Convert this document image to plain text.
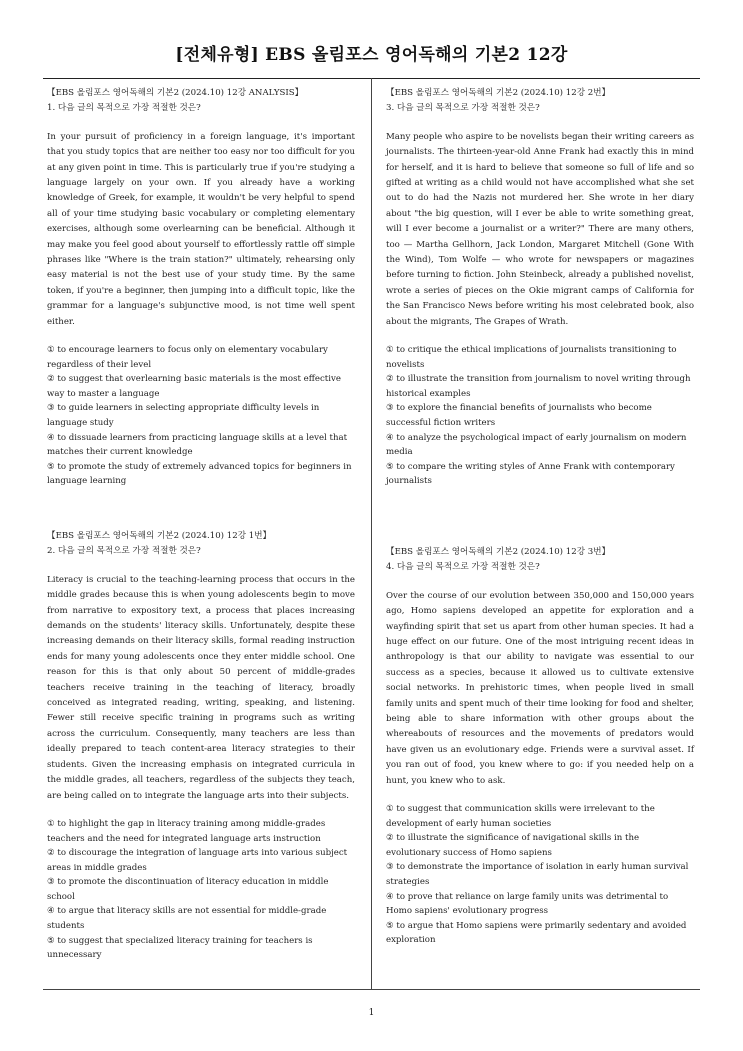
[전체유형] EBS 올림포스 영어독해의 기본2 12강
【EBS 올림포스 영어독해의 기본2 (2024.10) 12강 ANALYSIS】
1. 다음 글의 목적으로 가장 적절한 것은?
In your pursuit of proficiency in a foreign language, it's important that you study topics that are neither too easy nor too difficult for you at any given point in time. This is particularly true if you're studying a language largely on your own. If you already have a working knowledge of Greek, for example, it wouldn't be very helpful to spend all of your time studying basic vocabulary or completing elementary exercises, although some overlearning can be beneficial. Although it may make you feel good about yourself to effortlessly rattle off simple phrases like "Where is the train station?" ultimately, rehearsing only easy material is not the best use of your study time. By the same token, if you're a beginner, then jumping into a difficult topic, like the grammar for a language's subjunctive mood, is not time well spent either.
① to encourage learners to focus only on elementary vocabulary regardless of their level
② to suggest that overlearning basic materials is the most effective way to master a language
③ to guide learners in selecting appropriate difficulty levels in language study
④ to dissuade learners from practicing language skills at a level that matches their current knowledge
⑤ to promote the study of extremely advanced topics for beginners in language learning
【EBS 올림포스 영어독해의 기본2 (2024.10) 12강 1번】
2. 다음 글의 목적으로 가장 적절한 것은?
Literacy is crucial to the teaching-learning process that occurs in the middle grades because this is when young adolescents begin to move from narrative to expository text, a process that places increasing demands on the students' literacy skills. Unfortunately, despite these increasing demands on their literacy skills, formal reading instruction ends for many young adolescents once they enter middle school. One reason for this is that only about 50 percent of middle-grades teachers receive training in the teaching of literacy, broadly conceived as integrated reading, writing, speaking, and listening. Fewer still receive specific training in programs such as writing across the curriculum. Consequently, many teachers are less than ideally prepared to teach content-area literacy strategies to their students. Given the increasing emphasis on integrated curricula in the middle grades, all teachers, regardless of the subjects they teach, are being called on to integrate the language arts into their subjects.
① to highlight the gap in literacy training among middle-grades teachers and the need for integrated language arts instruction
② to discourage the integration of language arts into various subject areas in middle grades
③ to promote the discontinuation of literacy education in middle school
④ to argue that literacy skills are not essential for middle-grade students
⑤ to suggest that specialized literacy training for teachers is unnecessary
【EBS 올림포스 영어독해의 기본2 (2024.10) 12강 2번】
3. 다음 글의 목적으로 가장 적절한 것은?
Many people who aspire to be novelists began their writing careers as journalists. The thirteen-year-old Anne Frank had exactly this in mind for herself, and it is hard to believe that someone so full of life and so gifted at writing as a child would not have accomplished what she set out to do had the Nazis not murdered her. She wrote in her diary about "the big question, will I ever be able to write something great, will I ever become a journalist or a writer?" There are many others, too — Martha Gellhorn, Jack London, Margaret Mitchell (Gone With the Wind), Tom Wolfe — who wrote for newspapers or magazines before turning to fiction. John Steinbeck, already a published novelist, wrote a series of pieces on the Okie migrant camps of California for the San Francisco News before writing his most celebrated book, also about the migrants, The Grapes of Wrath.
① to critique the ethical implications of journalists transitioning to novelists
② to illustrate the transition from journalism to novel writing through historical examples
③ to explore the financial benefits of journalists who become successful fiction writers
④ to analyze the psychological impact of early journalism on modern media
⑤ to compare the writing styles of Anne Frank with contemporary journalists
【EBS 올림포스 영어독해의 기본2 (2024.10) 12강 3번】
4. 다음 글의 목적으로 가장 적절한 것은?
Over the course of our evolution between 350,000 and 150,000 years ago, Homo sapiens developed an appetite for exploration and a wayfinding spirit that set us apart from other human species. It had a huge effect on our future. One of the most intriguing recent ideas in anthropology is that our ability to navigate was essential to our success as a species, because it allowed us to cultivate extensive social networks. In prehistoric times, when people lived in small family units and spent much of their time looking for food and shelter, being able to share information with other groups about the whereabouts of resources and the movements of predators would have given us an evolutionary edge. Friends were a survival asset. If you ran out of food, you knew where to go: if you needed help on a hunt, you knew who to ask.
① to suggest that communication skills were irrelevant to the development of early human societies
② to illustrate the significance of navigational skills in the evolutionary success of Homo sapiens
③ to demonstrate the importance of isolation in early human survival strategies
④ to prove that reliance on large family units was detrimental to Homo sapiens' evolutionary progress
⑤ to argue that Homo sapiens were primarily sedentary and avoided exploration
1
